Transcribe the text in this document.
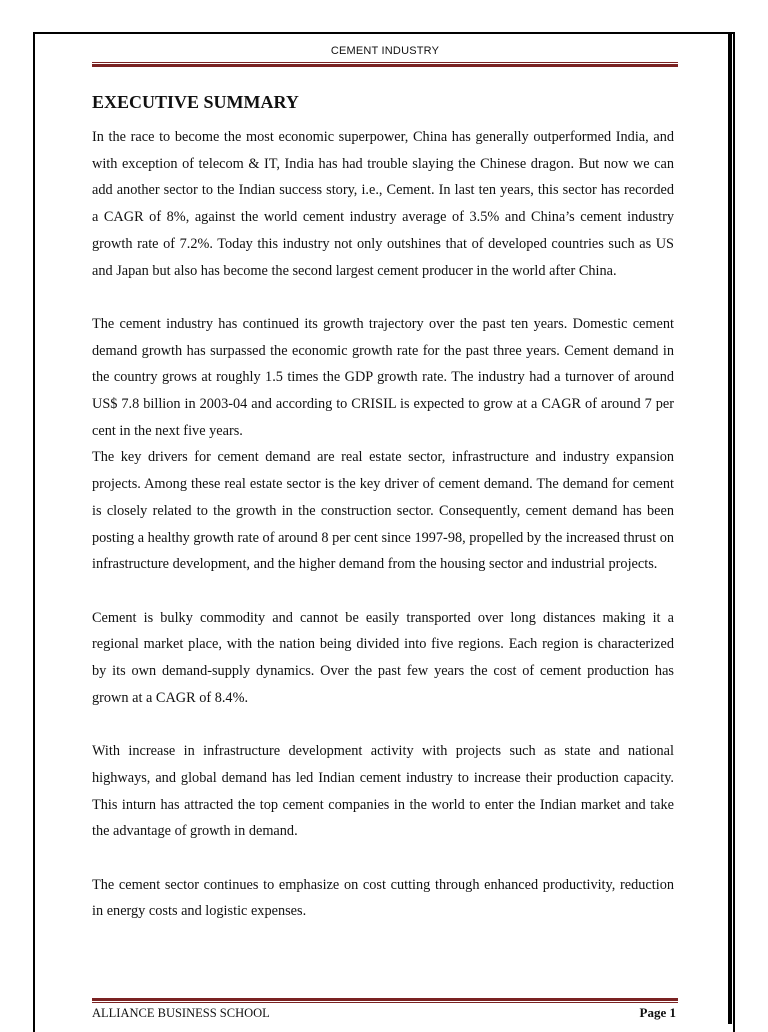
CEMENT INDUSTRY
EXECUTIVE SUMMARY

In the race to become the most economic superpower, China has generally outperformed India, and with exception of telecom & IT, India has had trouble slaying the Chinese dragon. But now we can add another sector to the Indian success story, i.e., Cement. In last ten years, this sector has recorded a CAGR of 8%, against the world cement industry average of 3.5% and China’s cement industry growth rate of 7.2%. Today this industry not only outshines that of developed countries such as US and Japan but also has become the second largest cement producer in the world after China.

The cement industry has continued its growth trajectory over the past ten years. Domestic cement demand growth has surpassed the economic growth rate for the past three years. Cement demand in the country grows at roughly 1.5 times the GDP growth rate. The industry had a turnover of around US$ 7.8 billion in 2003-04 and according to CRISIL is expected to grow at a CAGR of around 7 per cent in the next five years.

The key drivers for cement demand are real estate sector, infrastructure and industry expansion projects. Among these real estate sector is the key driver of cement demand. The demand for cement is closely related to the growth in the construction sector. Consequently, cement demand has been posting a healthy growth rate of around 8 per cent since 1997-98, propelled by the increased thrust on infrastructure development, and the higher demand from the housing sector and industrial projects.

Cement is bulky commodity and cannot be easily transported over long distances making it a regional market place, with the nation being divided into five regions. Each region is characterized by its own demand-supply dynamics. Over the past few years the cost of cement production has grown at a CAGR of 8.4%.

With increase in infrastructure development activity with projects such as state and national highways, and global demand has led Indian cement industry to increase their production capacity. This inturn has attracted the top cement companies in the world to enter the Indian market and take the advantage of growth in demand.

The cement sector continues to emphasize on cost cutting through enhanced productivity, reduction in energy costs and logistic expenses.

ALLIANCE BUSINESS SCHOOL	Page 1
